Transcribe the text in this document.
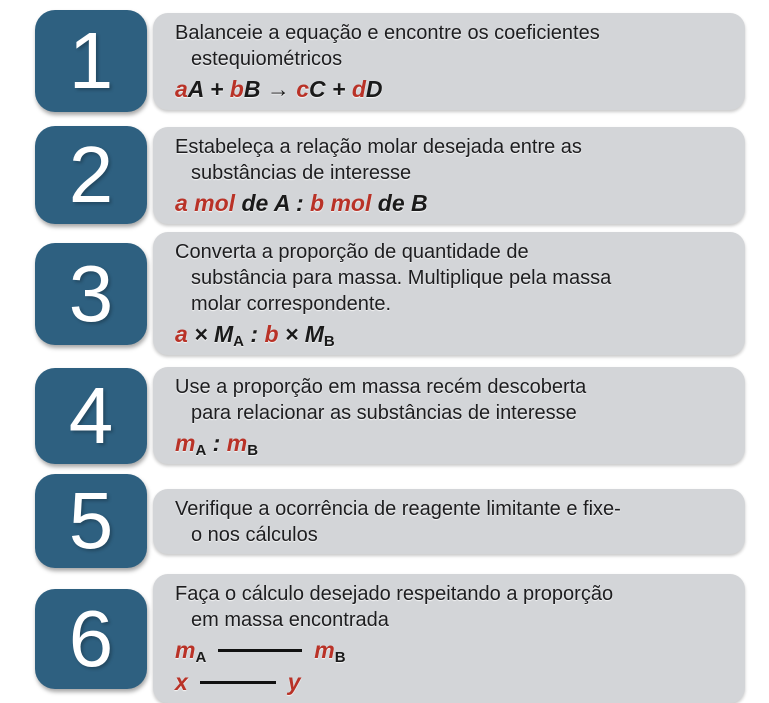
1	Balanceie a equação e encontre os coeficientes
estequiométricos
aA + bB → cC + dD
2	Estabeleça a relação molar desejada entre as
substâncias de interesse
a mol de A : b mol de B
3	Converta a proporção de quantidade de
substância para massa. Multiplique pela massa
molar correspondente.
$a \times M_A$ : $b \times M_B$
4	Use a proporção em massa recém descoberta
para relacionar as substâncias de interesse
$m_A$ : $m_B$
5	Verifique a ocorrência de reagente limitante e fixe-
o nos cálculos
6	Faça o cálculo desejado respeitando a proporção
em massa encontrada
$m_A$	$m_B$
x	y
